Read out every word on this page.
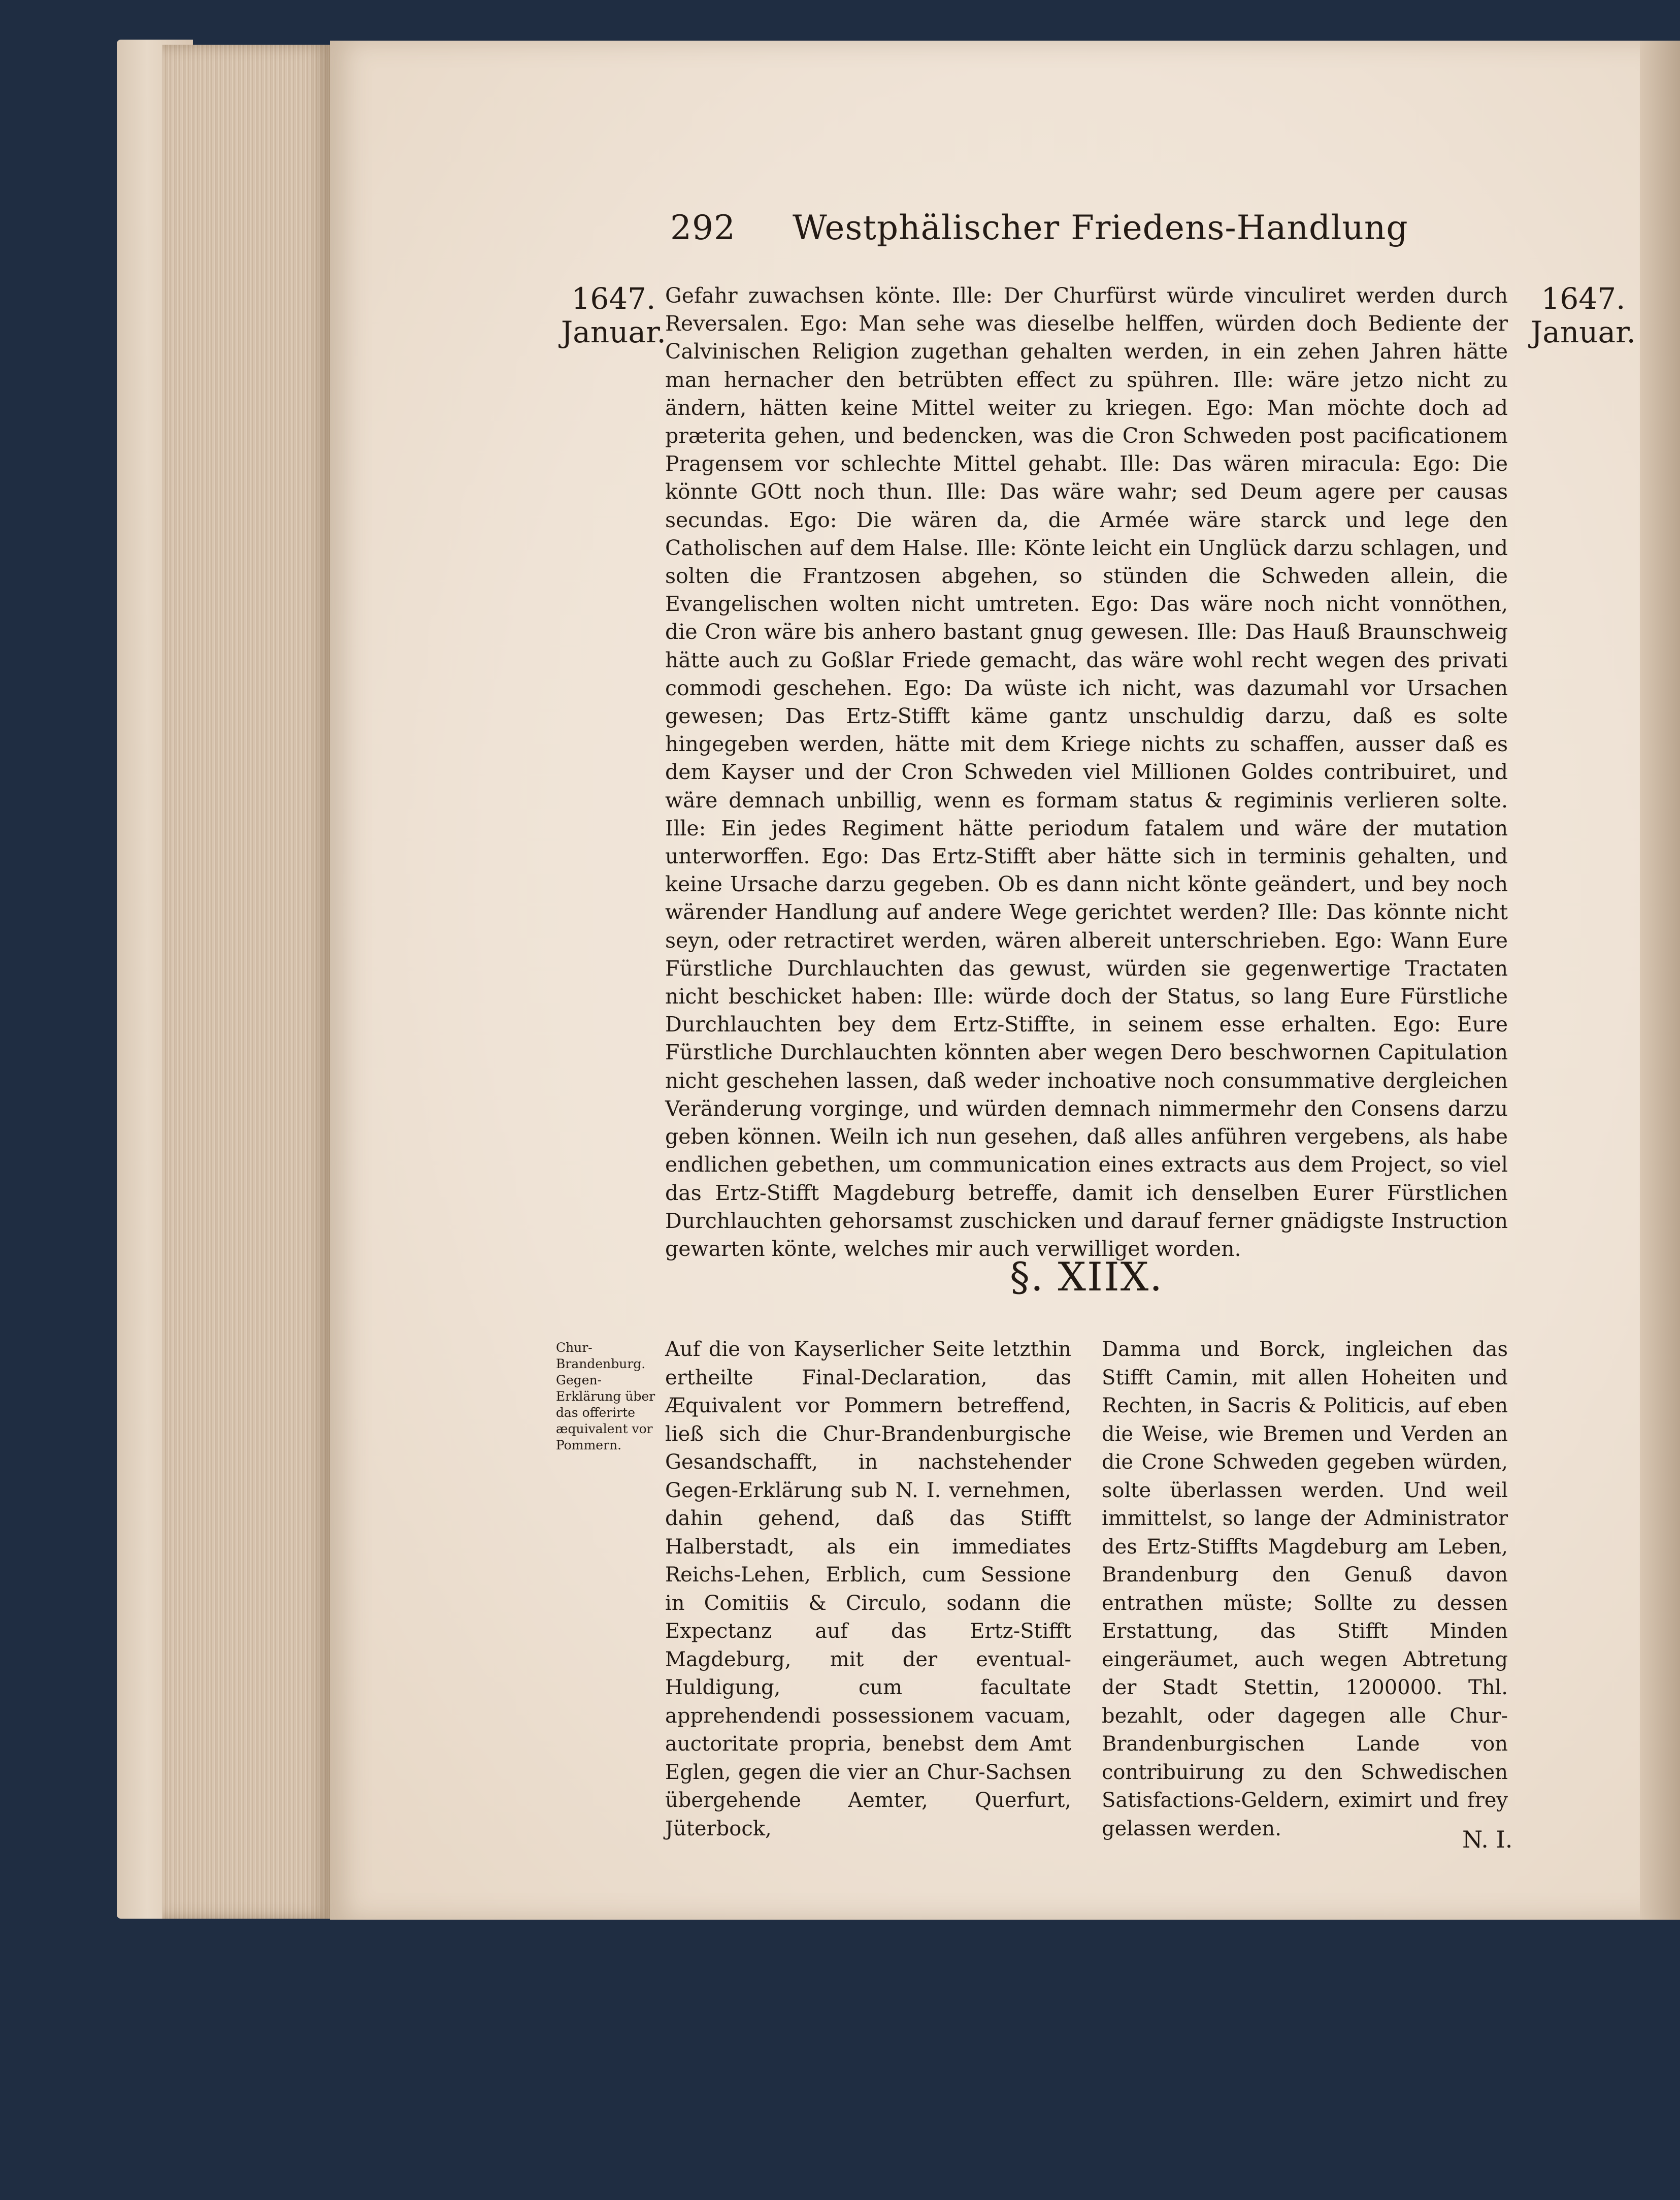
292 Westphälischer Friedens-Handlung
1647.
Januar.
1647.
Januar.

Gefahr zuwachsen könte. Ille: Der Churfürst würde vinculiret werden durch Reversalen. Ego: Man sehe was dieselbe helffen, würden doch Bediente der Calvinischen Religion zugethan gehalten werden, in ein zehen Jahren hätte man hernacher den betrübten effect zu spühren. Ille: wäre jetzo nicht zu ändern, hätten keine Mittel weiter zu kriegen. Ego: Man möchte doch ad præterita gehen, und bedencken, was die Cron Schweden post pacificationem Pragensem vor schlechte Mittel gehabt. Ille: Das wären miracula: Ego: Die könnte GOtt noch thun. Ille: Das wäre wahr; sed Deum agere per causas secundas. Ego: Die wären da, die Armée wäre starck und lege den Catholischen auf dem Halse. Ille: Könte leicht ein Unglück darzu schlagen, und solten die Frantzosen abgehen, so stünden die Schweden allein, die Evangelischen wolten nicht umtreten. Ego: Das wäre noch nicht vonnöthen, die Cron wäre bis anhero bastant gnug gewesen. Ille: Das Hauß Braunschweig hätte auch zu Goßlar Friede gemacht, das wäre wohl recht wegen des privati commodi geschehen. Ego: Da wüste ich nicht, was dazumahl vor Ursachen gewesen; Das Ertz-Stifft käme gantz unschuldig darzu, daß es solte hingegeben werden, hätte mit dem Kriege nichts zu schaffen, ausser daß es dem Kayser und der Cron Schweden viel Millionen Goldes contribuiret, und wäre demnach unbillig, wenn es formam status & regiminis verlieren solte. Ille: Ein jedes Regiment hätte periodum fatalem und wäre der mutation unterworffen. Ego: Das Ertz-Stifft aber hätte sich in terminis gehalten, und keine Ursache darzu gegeben. Ob es dann nicht könte geändert, und bey noch wärender Handlung auf andere Wege gerichtet werden? Ille: Das könnte nicht seyn, oder retractiret werden, wären albereit unterschrieben. Ego: Wann Eure Fürstliche Durchlauchten das gewust, würden sie gegenwertige Tractaten nicht beschicket haben: Ille: würde doch der Status, so lang Eure Fürstliche Durchlauchten bey dem Ertz-Stiffte, in seinem esse erhalten. Ego: Eure Fürstliche Durchlauchten könnten aber wegen Dero beschwornen Capitulation nicht geschehen lassen, daß weder inchoative noch consummative dergleichen Veränderung vorginge, und würden demnach nimmermehr den Consens darzu geben können. Weiln ich nun gesehen, daß alles anführen vergebens, als habe endlichen gebethen, um communication eines extracts aus dem Project, so viel das Ertz-Stifft Magdeburg betreffe, damit ich denselben Eurer Fürstlichen Durchlauchten gehorsamst zuschicken und darauf ferner gnädigste Instruction gewarten könte, welches mir auch verwilliget worden.

§. XIIX.
Chur-Brandenburg. Gegen-Erklärung über das offerirte æquivalent vor Pommern.

Auf die von Kayserlicher Seite letzthin ertheilte Final-Declaration, das Æquivalent vor Pommern betreffend, ließ sich die Chur-Brandenburgische Gesandschafft, in nachstehender Gegen-Erklärung sub N. I. vernehmen, dahin gehend, daß das Stifft Halberstadt, als ein immediates Reichs-Lehen, Erblich, cum Sessione in Comitiis & Circulo, sodann die Expectanz auf das Ertz-Stifft Magdeburg, mit der eventual-Huldigung, cum facultate apprehendendi possessionem vacuam, auctoritate propria, benebst dem Amt Eglen, gegen die vier an Chur-Sachsen übergehende Aemter, Querfurt, Jüterbock,

Damma und Borck, ingleichen das Stifft Camin, mit allen Hoheiten und Rechten, in Sacris & Politicis, auf eben die Weise, wie Bremen und Verden an die Crone Schweden gegeben würden, solte überlassen werden. Und weil immittelst, so lange der Administrator des Ertz-Stiffts Magdeburg am Leben, Brandenburg den Genuß davon entrathen müste; Sollte zu dessen Erstattung, das Stifft Minden eingeräumet, auch wegen Abtretung der Stadt Stettin, 1200000. Thl. bezahlt, oder dagegen alle Chur-Brandenburgischen Lande von contribuirung zu den Schwedischen Satisfactions-Geldern, eximirt und frey gelassen werden.	N. I.
